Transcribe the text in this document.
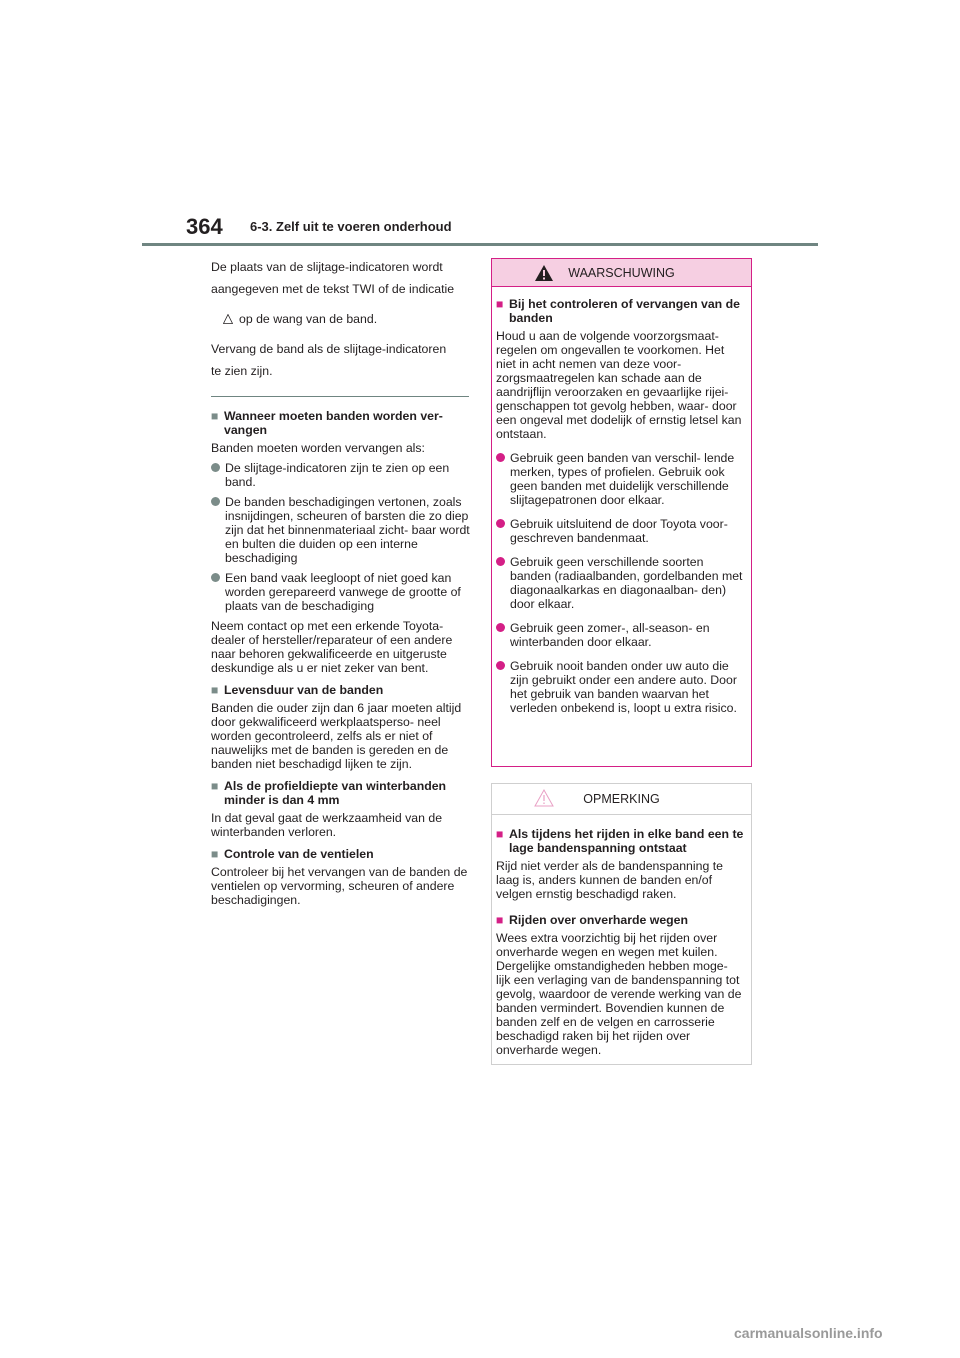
364 6-3. Zelf uit te voeren onderhoud

De plaats van de slijtage-indicatoren wordt

aangegeven met de tekst TWI of de indicatie

op de wang van de band.

Vervang de band als de slijtage-indicatoren

te zien zijn.

■ Wanneer moeten banden worden ver- vangen
Banden moeten worden vervangen als:
De slijtage-indicatoren zijn te zien op een band.
De banden beschadigingen vertonen, zoals insnijdingen, scheuren of barsten die zo diep zijn dat het binnenmateriaal zicht- baar wordt en bulten die duiden op een interne beschadiging
Een band vaak leegloopt of niet goed kan worden gerepareerd vanwege de grootte of plaats van de beschadiging
Neem contact op met een erkende Toyota- dealer of hersteller/reparateur of een andere naar behoren gekwalificeerde en uitgeruste deskundige als u er niet zeker van bent.
■ Levensduur van de banden
Banden die ouder zijn dan 6 jaar moeten altijd door gekwalificeerd werkplaatsperso- neel worden gecontroleerd, zelfs als er niet of nauwelijks met de banden is gereden en de banden niet beschadigd lijken te zijn.
■ Als de profieldiepte van winterbanden minder is dan 4 mm
In dat geval gaat de werkzaamheid van de winterbanden verloren.
■ Controle van de ventielen
Controleer bij het vervangen van de banden de ventielen op vervorming, scheuren of andere beschadigingen.
WAARSCHUWING
■ Bij het controleren of vervangen van de banden
Houd u aan de volgende voorzorgsmaat- regelen om ongevallen te voorkomen. Het niet in acht nemen van deze voor- zorgsmaatregelen kan schade aan de aandrijflijn veroorzaken en gevaarlijke rijei- genschappen tot gevolg hebben, waar- door een ongeval met dodelijk of ernstig letsel kan ontstaan.
Gebruik geen banden van verschil- lende merken, types of profielen. Gebruik ook geen banden met duidelijk verschillende slijtagepatronen door elkaar.
Gebruik uitsluitend de door Toyota voor- geschreven bandenmaat.
Gebruik geen verschillende soorten banden (radiaalbanden, gordelbanden met diagonaalkarkas en diagonaalban- den) door elkaar.
Gebruik geen zomer-, all-season- en winterbanden door elkaar.
Gebruik nooit banden onder uw auto die zijn gebruikt onder een andere auto. Door het gebruik van banden waarvan het verleden onbekend is, loopt u extra risico.
OPMERKING
■ Als tijdens het rijden in elke band een te lage bandenspanning ontstaat
Rijd niet verder als de bandenspanning te laag is, anders kunnen de banden en/of velgen ernstig beschadigd raken.
■ Rijden over onverharde wegen
Wees extra voorzichtig bij het rijden over onverharde wegen en wegen met kuilen. Dergelijke omstandigheden hebben moge- lijk een verlaging van de bandenspanning tot gevolg, waardoor de verende werking van de banden vermindert. Bovendien kunnen de banden zelf en de velgen en carrosserie beschadigd raken bij het rijden over onverharde wegen.
carmanualsonline.info
